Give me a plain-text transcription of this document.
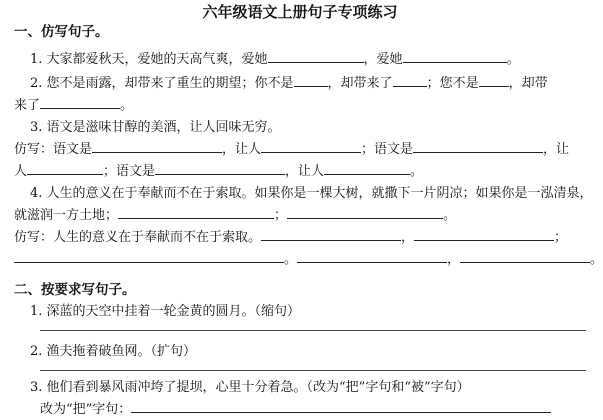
六年级语文上册句子专项练习
一、仿写句子。
1. 大家都爱秋天，爱她的天高气爽，爱她	，爱她	。
2. 您不是雨露，却带来了重生的期望；你不是	，却带来了	；您不是 ，却带
来了	。
3. 语文是滋味甘醇的美酒，让人回味无穷。
仿写：语文是	，让人	；语文是	，让
人	；语文是	，让人	。
4. 人生的意义在于奉献而不在于索取。如果你是一棵大树，就撒下一片阴凉；如果你是一泓清泉，
就滋润一方土地；	；	。
仿写：人生的意义在于奉献而不在于索取。	，	；
。	，	。
二、按要求写句子。
1. 深蓝的天空中挂着一轮金黄的圆月。（缩句）
2. 渔夫拖着破鱼网。（扩句）
3. 他们看到暴风雨冲垮了提坝，心里十分着急。（改为“把”字句和“被”字句）
改为“把”字句：
